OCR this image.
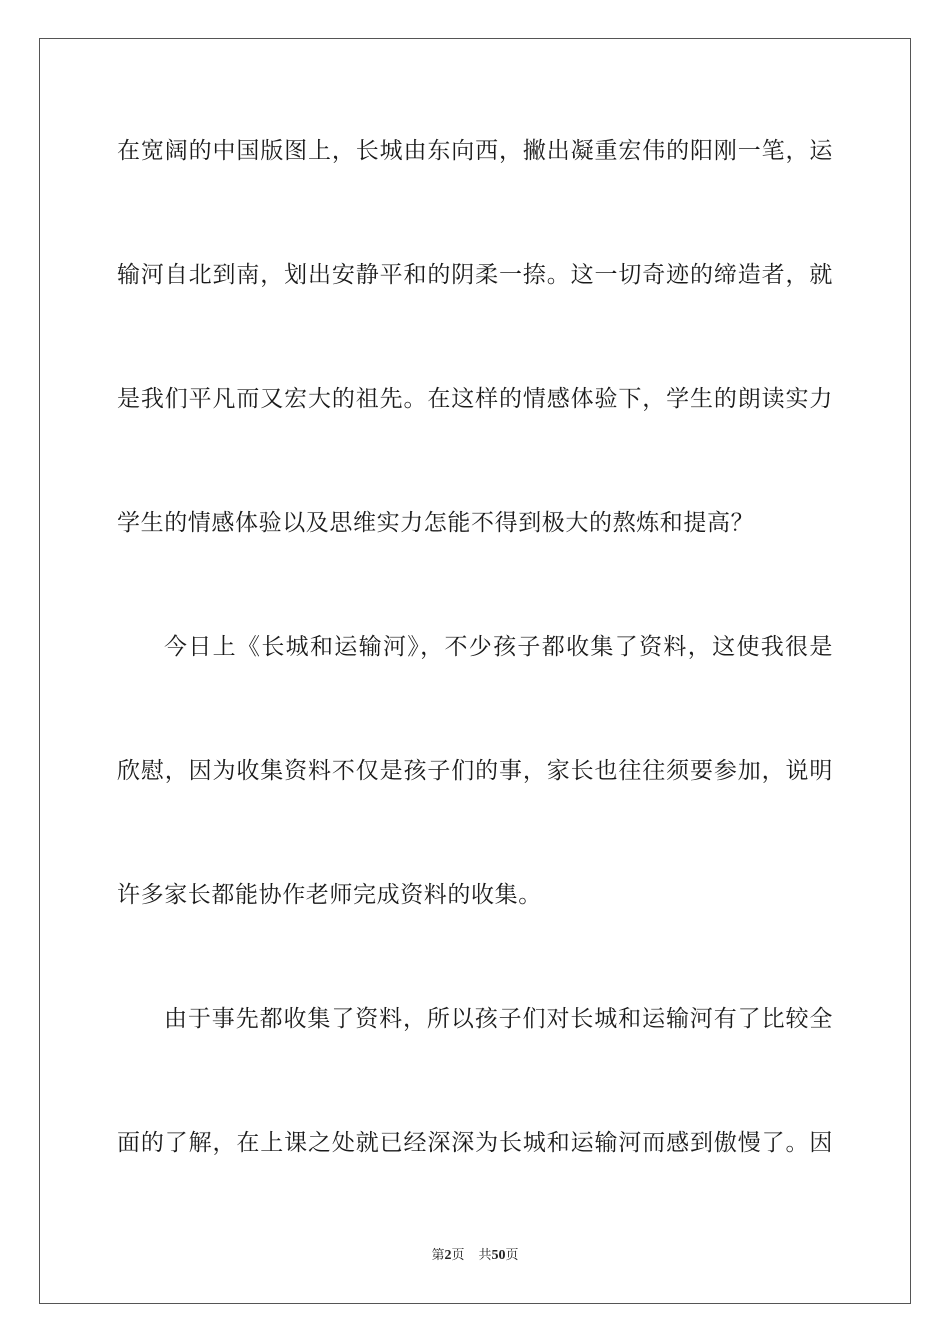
在宽阔的中国版图上，长城由东向西，撇出凝重宏伟的阳刚一笔，运
输河自北到南，划出安静平和的阴柔一捺。这一切奇迹的缔造者，就
是我们平凡而又宏大的祖先。在这样的情感体验下，学生的朗读实力
学生的情感体验以及思维实力怎能不得到极大的熬炼和提高？
今日上《长城和运输河》，不少孩子都收集了资料，这使我很是
欣慰，因为收集资料不仅是孩子们的事，家长也往往须要参加，说明
许多家长都能协作老师完成资料的收集。
由于事先都收集了资料，所以孩子们对长城和运输河有了比较全
面的了解，在上课之处就已经深深为长城和运输河而感到傲慢了。因
第2页 共50页
